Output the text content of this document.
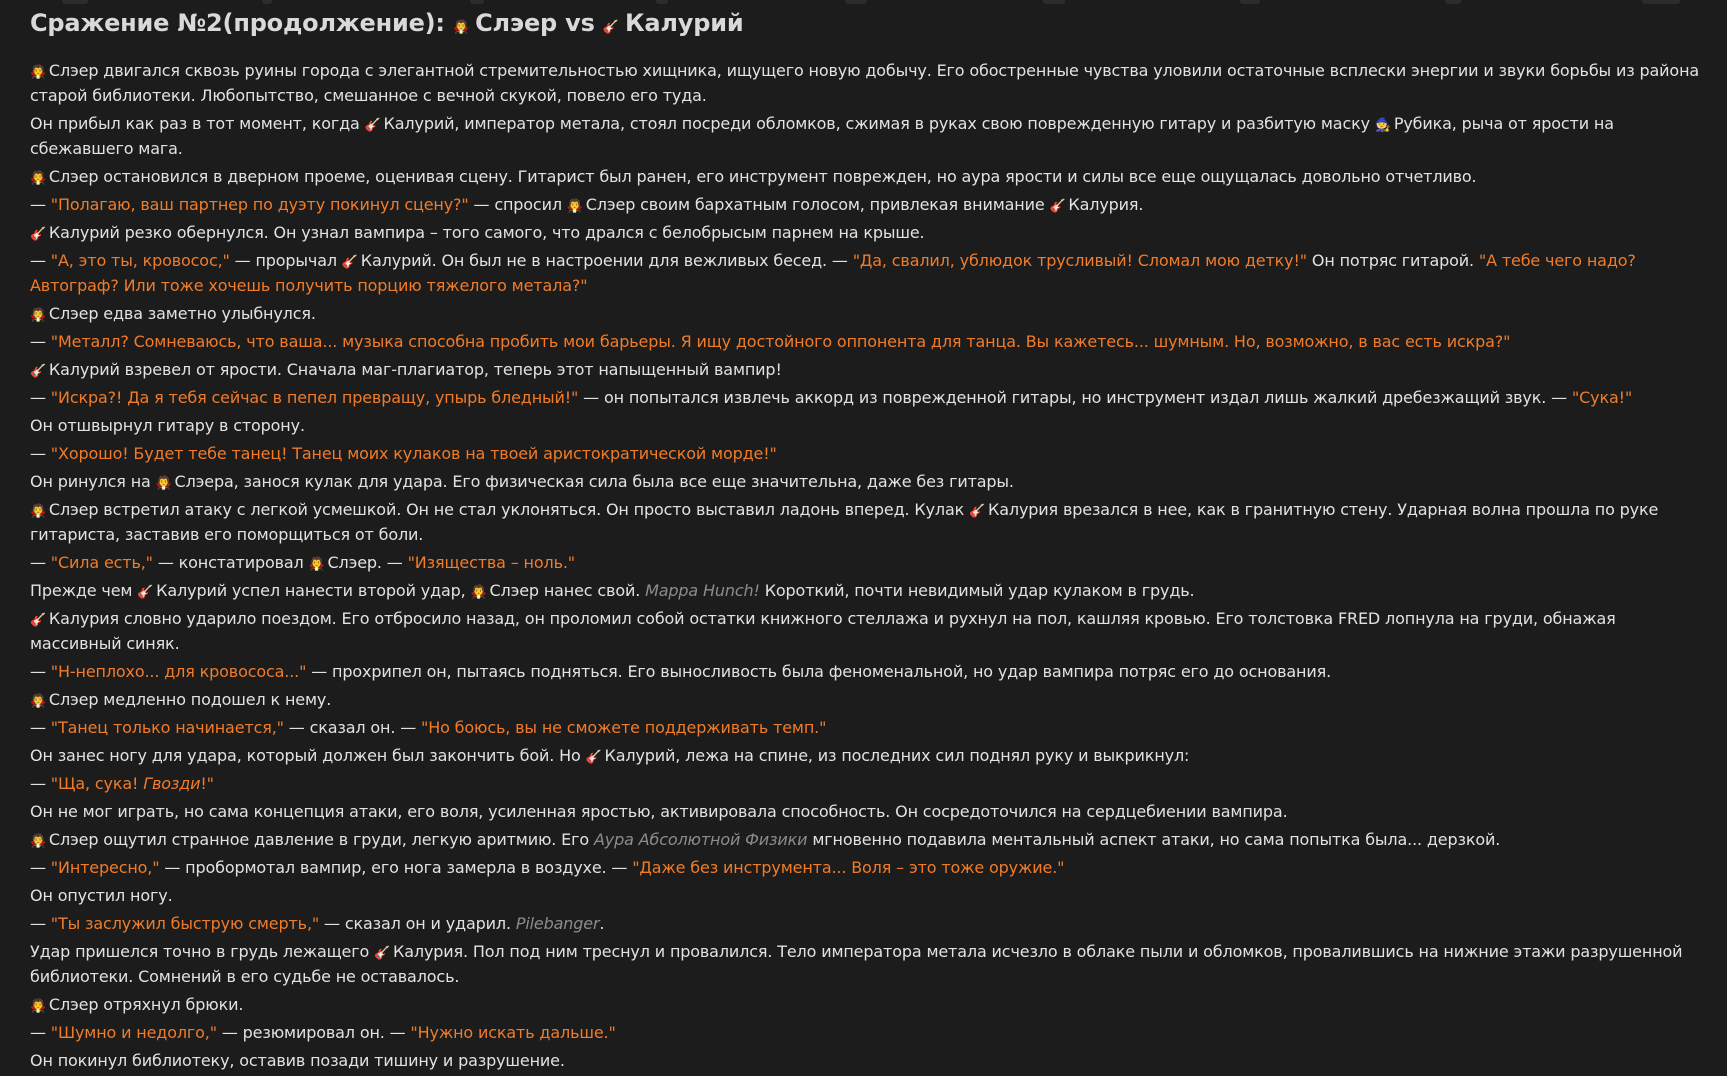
Сражение №2(продолжение): 🧛 Слэер vs 🎸 Калурий

🧛 Слэер двигался сквозь руины города с элегантной стремительностью хищника, ищущего новую добычу. Его обостренные чувства уловили остаточные всплески энергии и звуки борьбы из района старой библиотеки. Любопытство, смешанное с вечной скукой, повело его туда.

Он прибыл как раз в тот момент, когда 🎸 Калурий, император метала, стоял посреди обломков, сжимая в руках свою поврежденную гитару и разбитую маску 🧙 Рубика, рыча от ярости на сбежавшего мага.

🧛 Слэер остановился в дверном проеме, оценивая сцену. Гитарист был ранен, его инструмент поврежден, но аура ярости и силы все еще ощущалась довольно отчетливо.

— "Полагаю, ваш партнер по дуэту покинул сцену?" — спросил 🧛 Слэер своим бархатным голосом, привлекая внимание 🎸 Калурия.

🎸 Калурий резко обернулся. Он узнал вампира – того самого, что дрался с белобрысым парнем на крыше.

— "А, это ты, кровосос," — прорычал 🎸 Калурий. Он был не в настроении для вежливых бесед. — "Да, свалил, ублюдок трусливый! Сломал мою детку!" Он потряс гитарой. "А тебе чего надо? Автограф? Или тоже хочешь получить порцию тяжелого метала?"

🧛 Слэер едва заметно улыбнулся.

— "Металл? Сомневаюсь, что ваша... музыка способна пробить мои барьеры. Я ищу достойного оппонента для танца. Вы кажетесь... шумным. Но, возможно, в вас есть искра?"

🎸 Калурий взревел от ярости. Сначала маг-плагиатор, теперь этот напыщенный вампир!

— "Искра?! Да я тебя сейчас в пепел превращу, упырь бледный!" — он попытался извлечь аккорд из поврежденной гитары, но инструмент издал лишь жалкий дребезжащий звук. — "Сука!"

Он отшвырнул гитару в сторону.

— "Хорошо! Будет тебе танец! Танец моих кулаков на твоей аристократической морде!"

Он ринулся на 🧛 Слэера, занося кулак для удара. Его физическая сила была все еще значительна, даже без гитары.

🧛 Слэер встретил атаку с легкой усмешкой. Он не стал уклоняться. Он просто выставил ладонь вперед. Кулак 🎸 Калурия врезался в нее, как в гранитную стену. Ударная волна прошла по руке гитариста, заставив его поморщиться от боли.

— "Сила есть," — констатировал 🧛 Слэер. — "Изящества – ноль."

Прежде чем 🎸 Калурий успел нанести второй удар, 🧛 Слэер нанес свой. Mappa Hunch! Короткий, почти невидимый удар кулаком в грудь.

🎸 Калурия словно ударило поездом. Его отбросило назад, он проломил собой остатки книжного стеллажа и рухнул на пол, кашляя кровью. Его толстовка FRED лопнула на груди, обнажая массивный синяк.

— "Н-неплохо... для кровососа..." — прохрипел он, пытаясь подняться. Его выносливость была феноменальной, но удар вампира потряс его до основания.

🧛 Слэер медленно подошел к нему.

— "Танец только начинается," — сказал он. — "Но боюсь, вы не сможете поддерживать темп."

Он занес ногу для удара, который должен был закончить бой. Но 🎸 Калурий, лежа на спине, из последних сил поднял руку и выкрикнул:

— "Ща, сука! Гвозди!"

Он не мог играть, но сама концепция атаки, его воля, усиленная яростью, активировала способность. Он сосредоточился на сердцебиении вампира.

🧛 Слэер ощутил странное давление в груди, легкую аритмию. Его Аура Абсолютной Физики мгновенно подавила ментальный аспект атаки, но сама попытка была... дерзкой.

— "Интересно," — пробормотал вампир, его нога замерла в воздухе. — "Даже без инструмента... Воля – это тоже оружие."

Он опустил ногу.

— "Ты заслужил быструю смерть," — сказал он и ударил. Pilebanger.

Удар пришелся точно в грудь лежащего 🎸 Калурия. Пол под ним треснул и провалился. Тело императора метала исчезло в облаке пыли и обломков, провалившись на нижние этажи разрушенной библиотеки. Сомнений в его судьбе не оставалось.

🧛 Слэер отряхнул брюки.

— "Шумно и недолго," — резюмировал он. — "Нужно искать дальше."

Он покинул библиотеку, оставив позади тишину и разрушение.
